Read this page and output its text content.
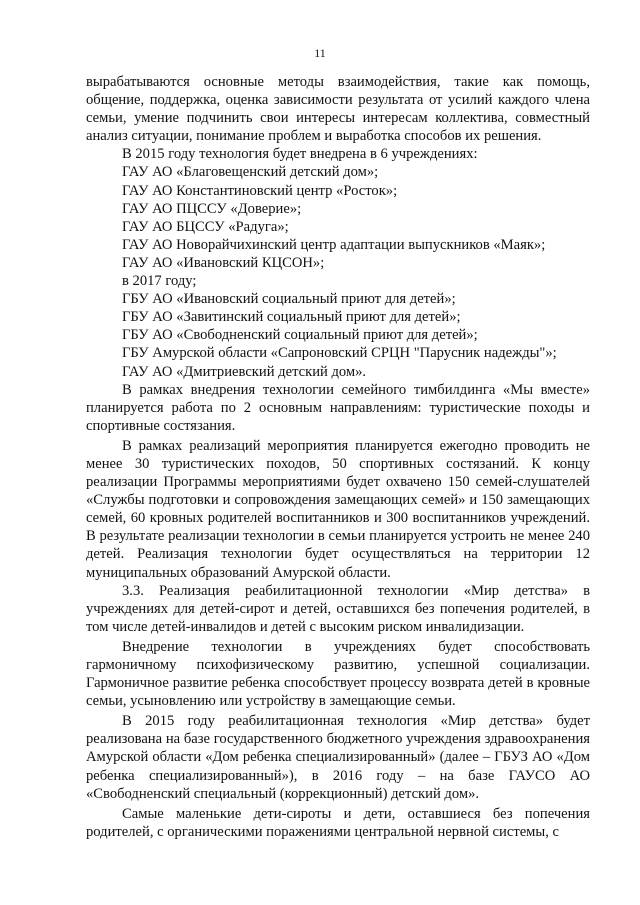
11

вырабатываются основные методы взаимодействия, такие как помощь, общение, поддержка, оценка зависимости результата от усилий каждого члена семьи, умение подчинить свои интересы интересам коллектива, совместный анализ ситуации, понимание проблем и выработка способов их решения.

В 2015 году технология будет внедрена в 6 учреждениях:

ГАУ АО «Благовещенский детский дом»;

ГАУ АО Константиновский центр «Росток»;

ГАУ АО ПЦССУ «Доверие»;

ГАУ АО БЦССУ «Радуга»;

ГАУ АО Новорайчихинский центр адаптации выпускников «Маяк»;

ГАУ АО «Ивановский КЦСОН»;

в 2017 году;

ГБУ АО «Ивановский социальный приют для детей»;

ГБУ АО «Завитинский социальный приют для детей»;

ГБУ АО «Свободненский социальный приют для детей»;

ГБУ Амурской области «Сапроновский СРЦН "Парусник надежды"»;

ГАУ АО «Дмитриевский детский дом».

В рамках внедрения технологии семейного тимбилдинга «Мы вместе» планируется работа по 2 основным направлениям: туристические походы и спортивные состязания.

В рамках реализаций мероприятия планируется ежегодно проводить не менее 30 туристических походов, 50 спортивных состязаний. К концу реализации Программы мероприятиями будет охвачено 150 семей-слушателей «Службы подготовки и сопровождения замещающих семей» и 150 замещающих семей, 60 кровных родителей воспитанников и 300 воспитанников учреждений. В результате реализации технологии в семьи планируется устроить не менее 240 детей. Реализация технологии будет осуществляться на территории 12 муниципальных образований Амурской области.

3.3. Реализация реабилитационной технологии «Мир детства» в учреждениях для детей-сирот и детей, оставшихся без попечения родителей, в том числе детей-инвалидов и детей с высоким риском инвалидизации.

Внедрение технологии в учреждениях будет способствовать гармоничному психофизическому развитию, успешной социализации. Гармоничное развитие ребенка способствует процессу возврата детей в кровные семьи, усыновлению или устройству в замещающие семьи.

В 2015 году реабилитационная технология «Мир детства» будет реализована на базе государственного бюджетного учреждения здравоохранения Амурской области «Дом ребенка специализированный» (далее – ГБУЗ АО «Дом ребенка специализированный»), в 2016 году – на базе ГАУСО АО «Свободненский специальный (коррекционный) детский дом».

Самые маленькие дети-сироты и дети, оставшиеся без попечения родителей, с органическими поражениями центральной нервной системы, с
